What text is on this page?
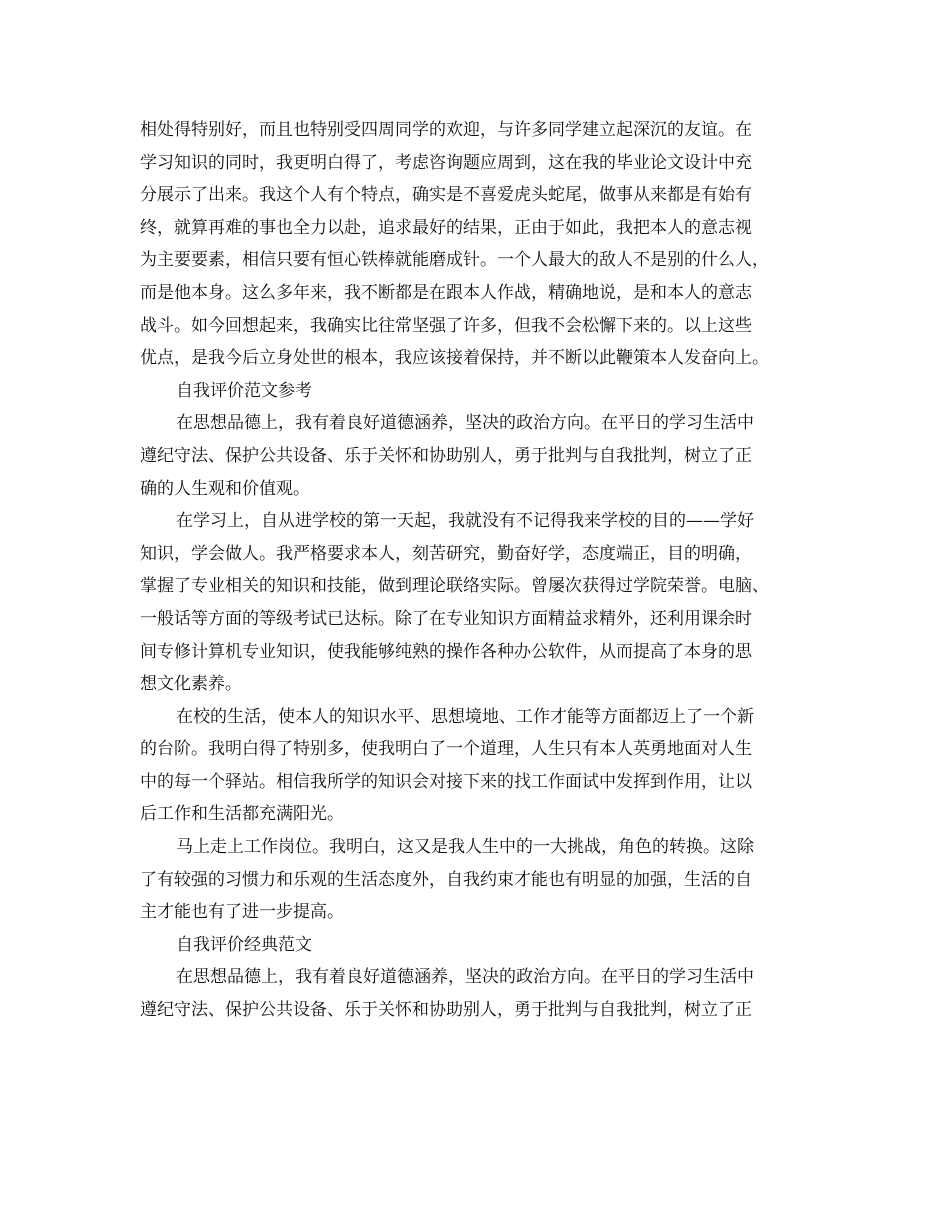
相处得特别好，而且也特别受四周同学的欢迎，与许多同学建立起深沉的友谊。在
学习知识的同时，我更明白得了，考虑咨询题应周到，这在我的毕业论文设计中充
分展示了出来。我这个人有个特点，确实是不喜爱虎头蛇尾，做事从来都是有始有
终，就算再难的事也全力以赴，追求最好的结果，正由于如此，我把本人的意志视
为主要要素，相信只要有恒心铁棒就能磨成针。一个人最大的敌人不是别的什么人，
而是他本身。这么多年来，我不断都是在跟本人作战，精确地说，是和本人的意志
战斗。如今回想起来，我确实比往常坚强了许多，但我不会松懈下来的。以上这些
优点，是我今后立身处世的根本，我应该接着保持，并不断以此鞭策本人发奋向上。
自我评价范文参考
在思想品德上，我有着良好道德涵养，坚决的政治方向。在平日的学习生活中
遵纪守法、保护公共设备、乐于关怀和协助别人，勇于批判与自我批判，树立了正
确的人生观和价值观。
在学习上，自从进学校的第一天起，我就没有不记得我来学校的目的——学好
知识，学会做人。我严格要求本人，刻苦研究，勤奋好学，态度端正，目的明确，
掌握了专业相关的知识和技能，做到理论联络实际。曾屡次获得过学院荣誉。电脑、
一般话等方面的等级考试已达标。除了在专业知识方面精益求精外，还利用课余时
间专修计算机专业知识，使我能够纯熟的操作各种办公软件，从而提高了本身的思
想文化素养。
在校的生活，使本人的知识水平、思想境地、工作才能等方面都迈上了一个新
的台阶。我明白得了特别多，使我明白了一个道理，人生只有本人英勇地面对人生
中的每一个驿站。相信我所学的知识会对接下来的找工作面试中发挥到作用，让以
后工作和生活都充满阳光。
马上走上工作岗位。我明白，这又是我人生中的一大挑战，角色的转换。这除
了有较强的习惯力和乐观的生活态度外，自我约束才能也有明显的加强，生活的自
主才能也有了进一步提高。
自我评价经典范文
在思想品德上，我有着良好道德涵养，坚决的政治方向。在平日的学习生活中
遵纪守法、保护公共设备、乐于关怀和协助别人，勇于批判与自我批判，树立了正
